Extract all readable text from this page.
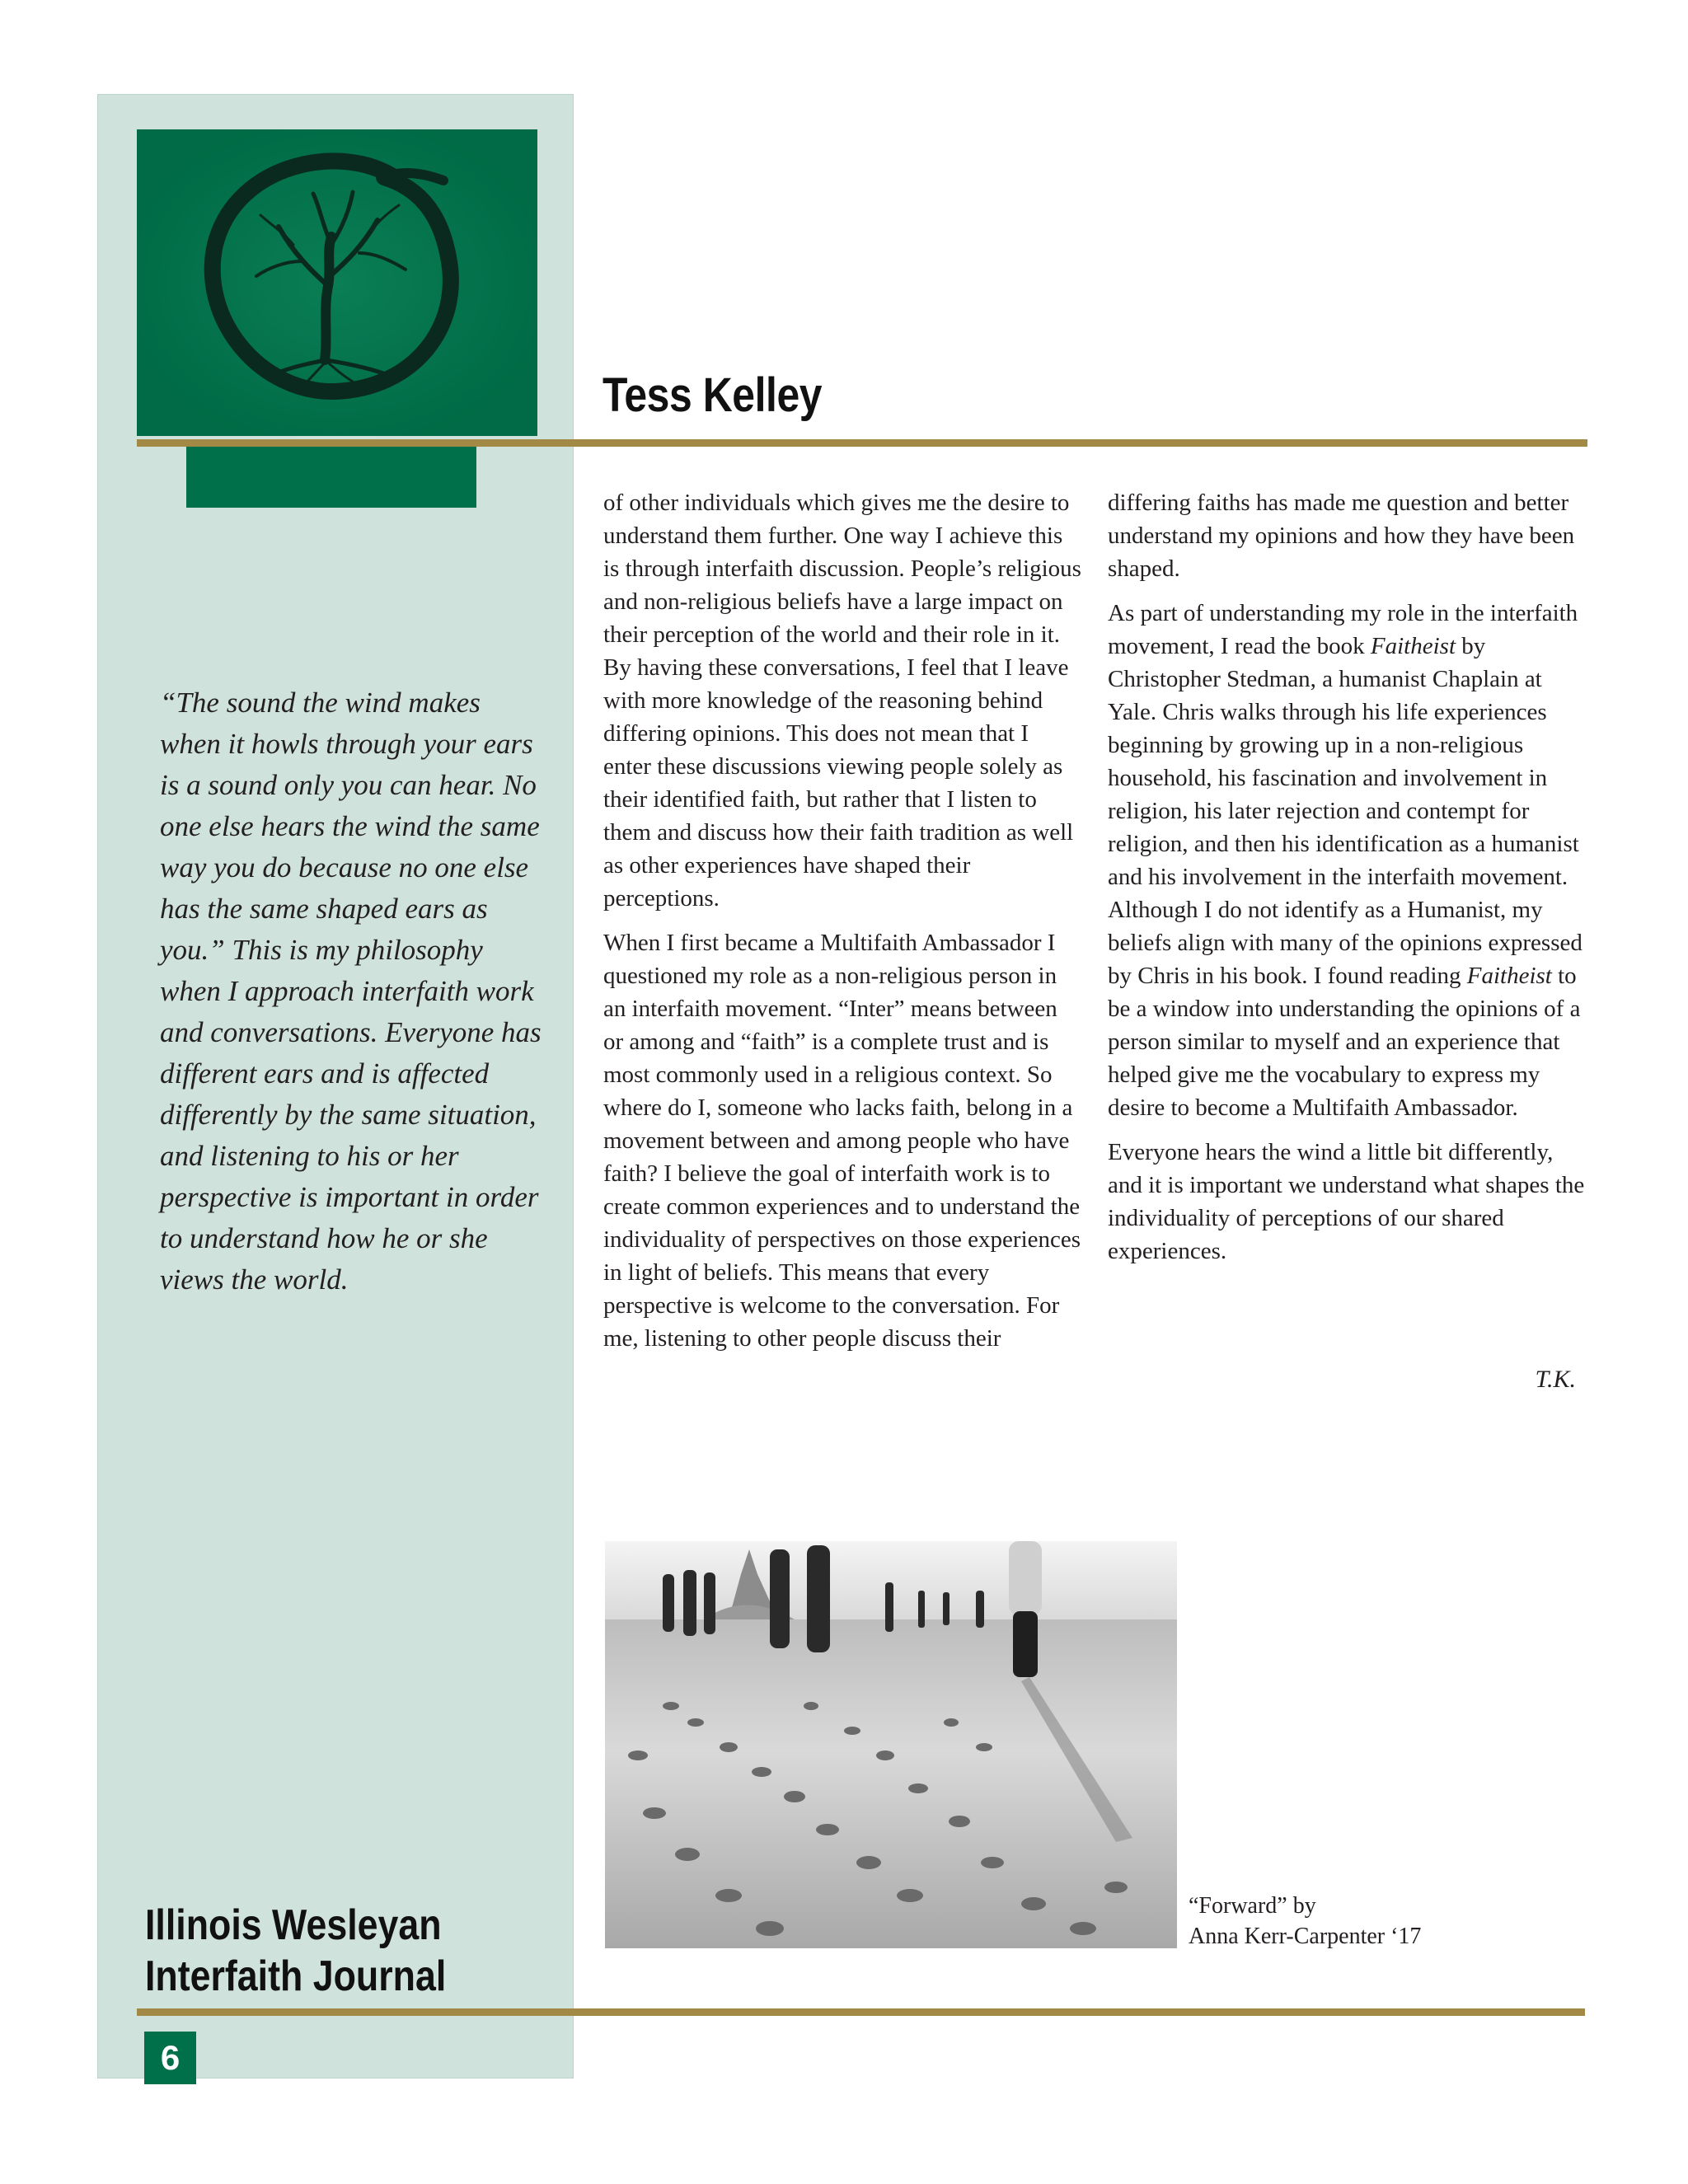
Tess Kelley

“The sound the wind makes when it howls through your ears is a sound only you can hear. No one else hears the wind the same way you do because no one else has the same shaped ears as you.” This is my philosophy when I approach interfaith work and conversations. Everyone has different ears and is affected differently by the same situation, and listening to his or her perspective is important in order to understand how he or she views the world.

Illinois Wesleyan
Interfaith Journal
6

of other individuals which gives me the desire to understand them further. One way I achieve this is through interfaith discussion. People’s religious and non-religious beliefs have a large impact on their perception of the world and their role in it. By having these conversations, I feel that I leave with more knowledge of the reasoning behind differing opinions. This does not mean that I enter these discussions viewing people solely as their identified faith, but rather that I listen to them and discuss how their faith tradition as well as other experiences have shaped their perceptions.

When I first became a Multifaith Ambassador I questioned my role as a non-religious person in an interfaith movement. “Inter” means between or among and “faith” is a complete trust and is most commonly used in a religious context. So where do I, someone who lacks faith, belong in a movement between and among people who have faith? I believe the goal of interfaith work is to create common experiences and to understand the individuality of perspectives on those experiences in light of beliefs. This means that every perspective is welcome to the conversation. For me, listening to other people discuss their

differing faiths has made me question and better understand my opinions and how they have been shaped.

As part of understanding my role in the interfaith movement, I read the book Faitheist by Christopher Stedman, a humanist Chaplain at Yale. Chris walks through his life experiences beginning by growing up in a non-religious household, his fascination and involvement in religion, his later rejection and contempt for religion, and then his identification as a humanist and his involvement in the interfaith movement. Although I do not identify as a Humanist, my beliefs align with many of the opinions expressed by Chris in his book. I found reading Faitheist to be a window into understanding the opinions of a person similar to myself and an experience that helped give me the vocabulary to express my desire to become a Multifaith Ambassador.

Everyone hears the wind a little bit differently, and it is important we understand what shapes the individuality of perceptions of our shared experiences.

T.K.

“Forward” by
Anna Kerr-Carpenter ‘17
